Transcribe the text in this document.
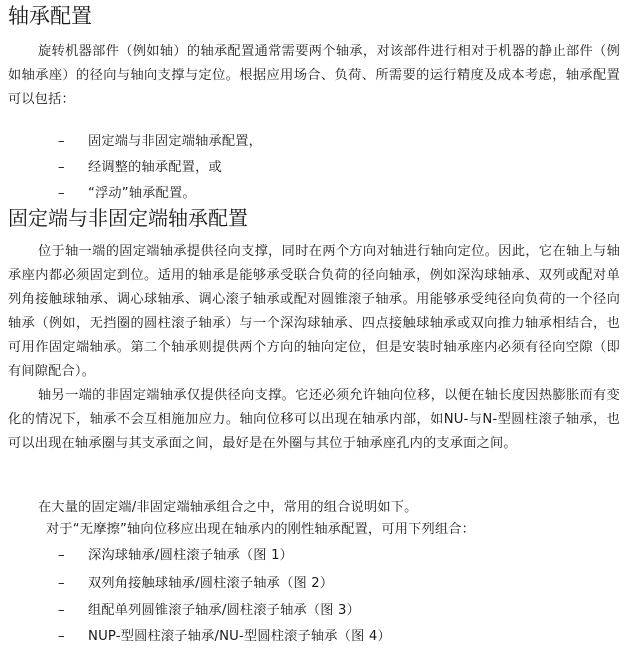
轴承配置

旋转机器部件（例如轴）的轴承配置通常需要两个轴承，对该部件进行相对于机器的静止部件（例如轴承座）的径向与轴向支撑与定位。根据应用场合、负荷、所需要的运行精度及成本考虑，轴承配置可以包括：

– 固定端与非固定端轴承配置，
– 经调整的轴承配置，或
– “浮动”轴承配置。
固定端与非固定端轴承配置

位于轴一端的固定端轴承提供径向支撑，同时在两个方向对轴进行轴向定位。因此，它在轴上与轴承座内都必须固定到位。适用的轴承是能够承受联合负荷的径向轴承，例如深沟球轴承、双列或配对单列角接触球轴承、调心球轴承、调心滚子轴承或配对圆锥滚子轴承。用能够承受纯径向负荷的一个径向轴承（例如，无挡圈的圆柱滚子轴承）与一个深沟球轴承、四点接触球轴承或双向推力轴承相结合，也可用作固定端轴承。第二个轴承则提供两个方向的轴向定位，但是安装时轴承座内必须有径向空隙（即有间隙配合）。

轴另一端的非固定端轴承仅提供径向支撑。它还必须允许轴向位移，以便在轴长度因热膨胀而有变化的情况下，轴承不会互相施加应力。轴向位移可以出现在轴承内部，如NU-与N-型圆柱滚子轴承，也可以出现在轴承圈与其支承面之间，最好是在外圈与其位于轴承座孔内的支承面之间。

在大量的固定端/非固定端轴承组合之中，常用的组合说明如下。
对于“无摩擦”轴向位移应出现在轴承内的刚性轴承配置，可用下列组合：
– 深沟球轴承/圆柱滚子轴承（图 1）
– 双列角接触球轴承/圆柱滚子轴承（图 2）
– 组配单列圆锥滚子轴承/圆柱滚子轴承（图 3）
– NUP-型圆柱滚子轴承/NU-型圆柱滚子轴承（图 4）
